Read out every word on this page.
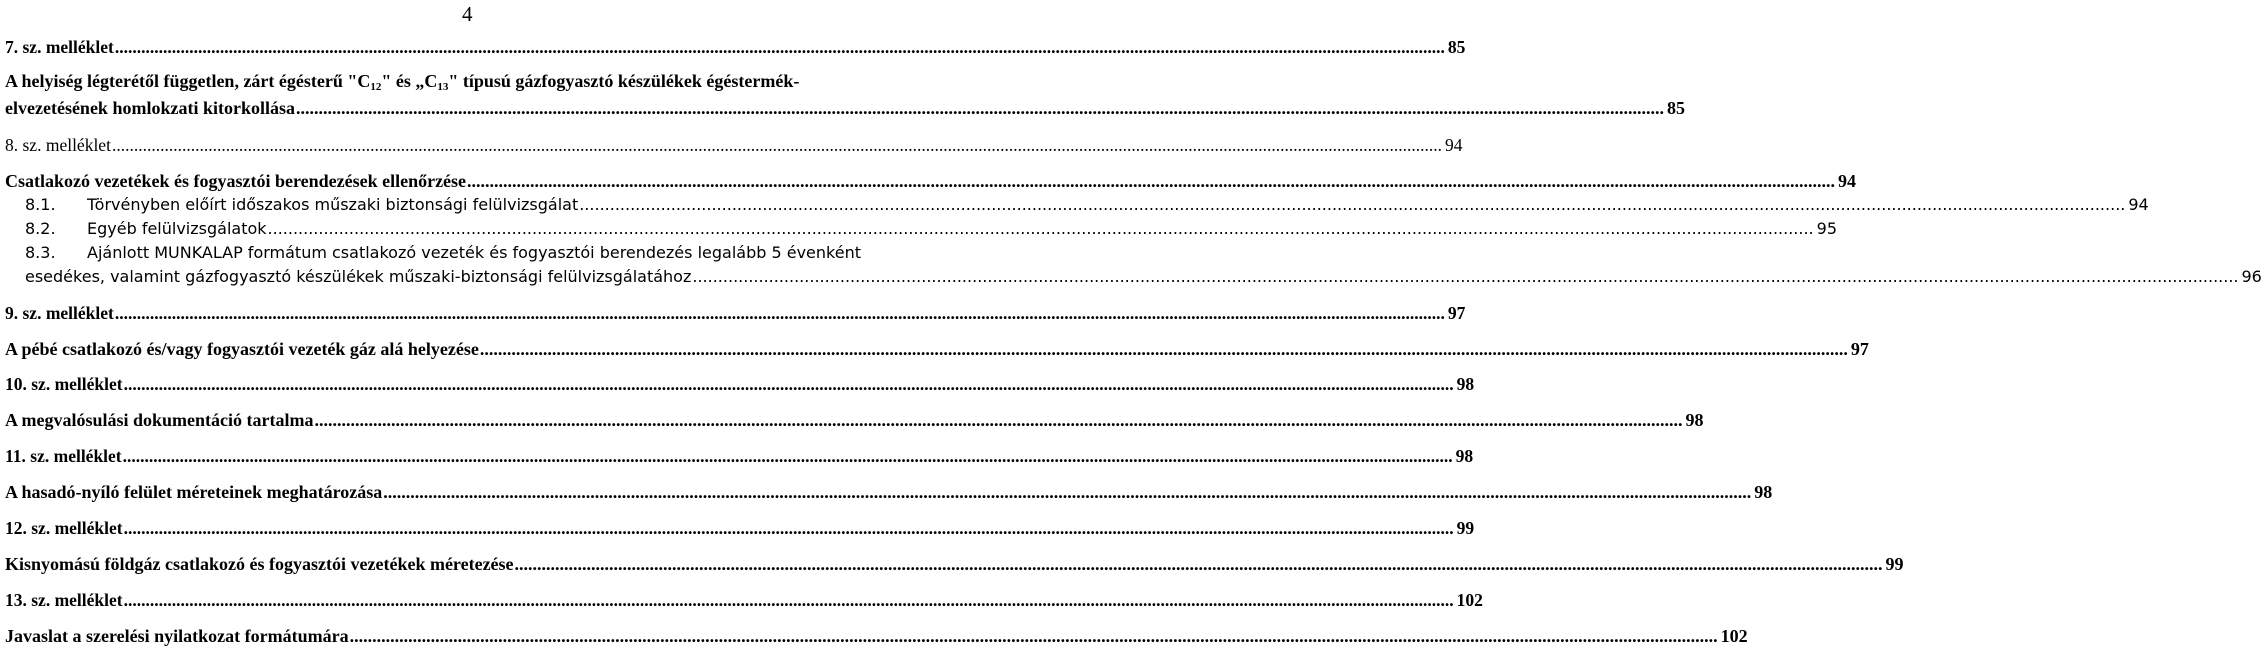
4
7. sz. melléklet .....	85
A helyiség légterétől független, zárt égésterű "$C_{12}$" és $„C_{13}$" típusú gázfogyasztó készülékek égéstermék-
elvezetésének homlokzati kitorkollása .....	85
8. sz. melléklet .....	94
Csatlakozó vezetékek és fogyasztói berendezések ellenőrzése .....	94
8.1. Törvényben előírt időszakos műszaki biztonsági felülvizsgálat .....	94
8.2. Egyéb felülvizsgálatok .....	95
8.3. Ajánlott MUNKALAP formátum csatlakozó vezeték és fogyasztói berendezés legalább 5 évenként
esedékes, valamint gázfogyasztó készülékek műszaki-biztonsági felülvizsgálatához .....	96
9. sz. melléklet .....	97
A pébé csatlakozó és/vagy fogyasztói vezeték gáz alá helyezése .....	97
10. sz. melléklet .....	98
A megvalósulási dokumentáció tartalma .....	98
11. sz. melléklet .....	98
A hasadó-nyíló felület méreteinek meghatározása .....	98
12. sz. melléklet .....	99
Kisnyomású földgáz csatlakozó és fogyasztói vezetékek méretezése .....	99
13. sz. melléklet .....	102
Javaslat a szerelési nyilatkozat formátumára .....	102
